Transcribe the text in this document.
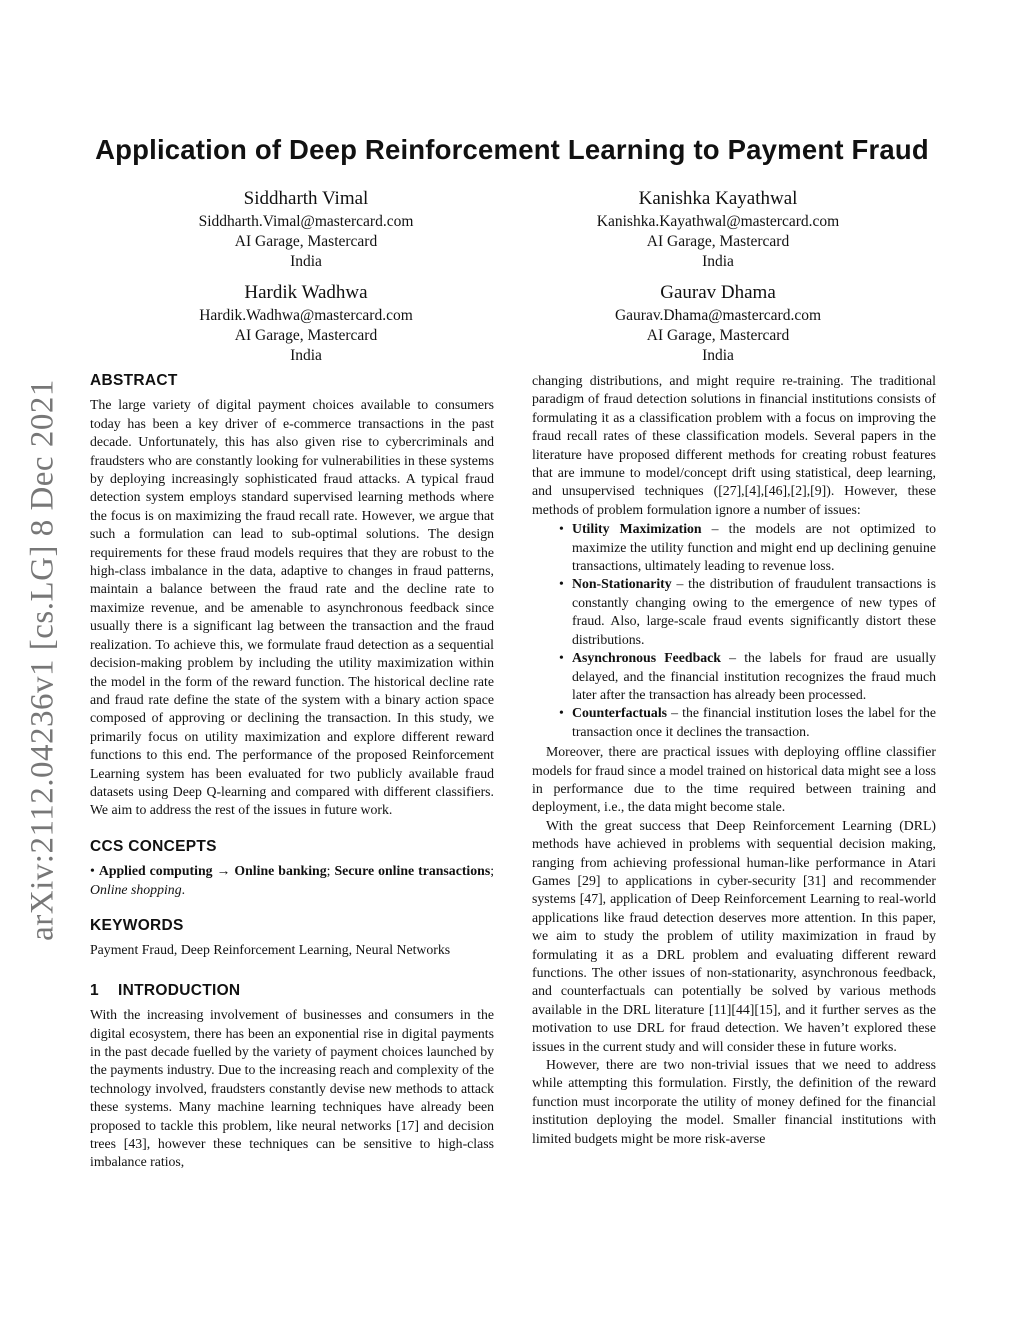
arXiv:2112.04236v1 [cs.LG] 8 Dec 2021
Application of Deep Reinforcement Learning to Payment Fraud
Siddharth Vimal
Siddharth.Vimal@mastercard.com
AI Garage, Mastercard
India
Kanishka Kayathwal
Kanishka.Kayathwal@mastercard.com
AI Garage, Mastercard
India
Hardik Wadhwa
Hardik.Wadhwa@mastercard.com
AI Garage, Mastercard
India
Gaurav Dhama
Gaurav.Dhama@mastercard.com
AI Garage, Mastercard
India
ABSTRACT

The large variety of digital payment choices available to consumers today has been a key driver of e-commerce transactions in the past decade. Unfortunately, this has also given rise to cybercriminals and fraudsters who are constantly looking for vulnerabilities in these systems by deploying increasingly sophisticated fraud attacks. A typical fraud detection system employs standard supervised learning methods where the focus is on maximizing the fraud recall rate. However, we argue that such a formulation can lead to sub-optimal solutions. The design requirements for these fraud models requires that they are robust to the high-class imbalance in the data, adaptive to changes in fraud patterns, maintain a balance between the fraud rate and the decline rate to maximize revenue, and be amenable to asynchronous feedback since usually there is a significant lag between the transaction and the fraud realization. To achieve this, we formulate fraud detection as a sequential decision-making problem by including the utility maximization within the model in the form of the reward function. The historical decline rate and fraud rate define the state of the system with a binary action space composed of approving or declining the transaction. In this study, we primarily focus on utility maximization and explore different reward functions to this end. The performance of the proposed Reinforcement Learning system has been evaluated for two publicly available fraud datasets using Deep Q-learning and compared with different classifiers. We aim to address the rest of the issues in future work.

CCS CONCEPTS

• Applied computing → Online banking; Secure online transactions; Online shopping.

KEYWORDS

Payment Fraud, Deep Reinforcement Learning, Neural Networks

1 INTRODUCTION

With the increasing involvement of businesses and consumers in the digital ecosystem, there has been an exponential rise in digital payments in the past decade fuelled by the variety of payment choices launched by the payments industry. Due to the increasing reach and complexity of the technology involved, fraudsters constantly devise new methods to attack these systems. Many machine learning techniques have already been proposed to tackle this problem, like neural networks [17] and decision trees [43], however these techniques can be sensitive to high-class imbalance ratios,

changing distributions, and might require re-training. The traditional paradigm of fraud detection solutions in financial institutions consists of formulating it as a classification problem with a focus on improving the fraud recall rates of these classification models. Several papers in the literature have proposed different methods for creating robust features that are immune to model/concept drift using statistical, deep learning, and unsupervised techniques ([27],[4],[46],[2],[9]). However, these methods of problem formulation ignore a number of issues:

• Utility Maximization – the models are not optimized to maximize the utility function and might end up declining genuine transactions, ultimately leading to revenue loss.
• Non-Stationarity – the distribution of fraudulent transactions is constantly changing owing to the emergence of new types of fraud. Also, large-scale fraud events significantly distort these distributions.
• Asynchronous Feedback – the labels for fraud are usually delayed, and the financial institution recognizes the fraud much later after the transaction has already been processed.
• Counterfactuals – the financial institution loses the label for the transaction once it declines the transaction.

Moreover, there are practical issues with deploying offline classifier models for fraud since a model trained on historical data might see a loss in performance due to the time required between training and deployment, i.e., the data might become stale.

With the great success that Deep Reinforcement Learning (DRL) methods have achieved in problems with sequential decision making, ranging from achieving professional human-like performance in Atari Games [29] to applications in cyber-security [31] and recommender systems [47], application of Deep Reinforcement Learning to real-world applications like fraud detection deserves more attention. In this paper, we aim to study the problem of utility maximization in fraud by formulating it as a DRL problem and evaluating different reward functions. The other issues of non-stationarity, asynchronous feedback, and counterfactuals can potentially be solved by various methods available in the DRL literature [11][44][15], and it further serves as the motivation to use DRL for fraud detection. We haven’t explored these issues in the current study and will consider these in future works.

However, there are two non-trivial issues that we need to address while attempting this formulation. Firstly, the definition of the reward function must incorporate the utility of money defined for the financial institution deploying the model. Smaller financial institutions with limited budgets might be more risk-averse
